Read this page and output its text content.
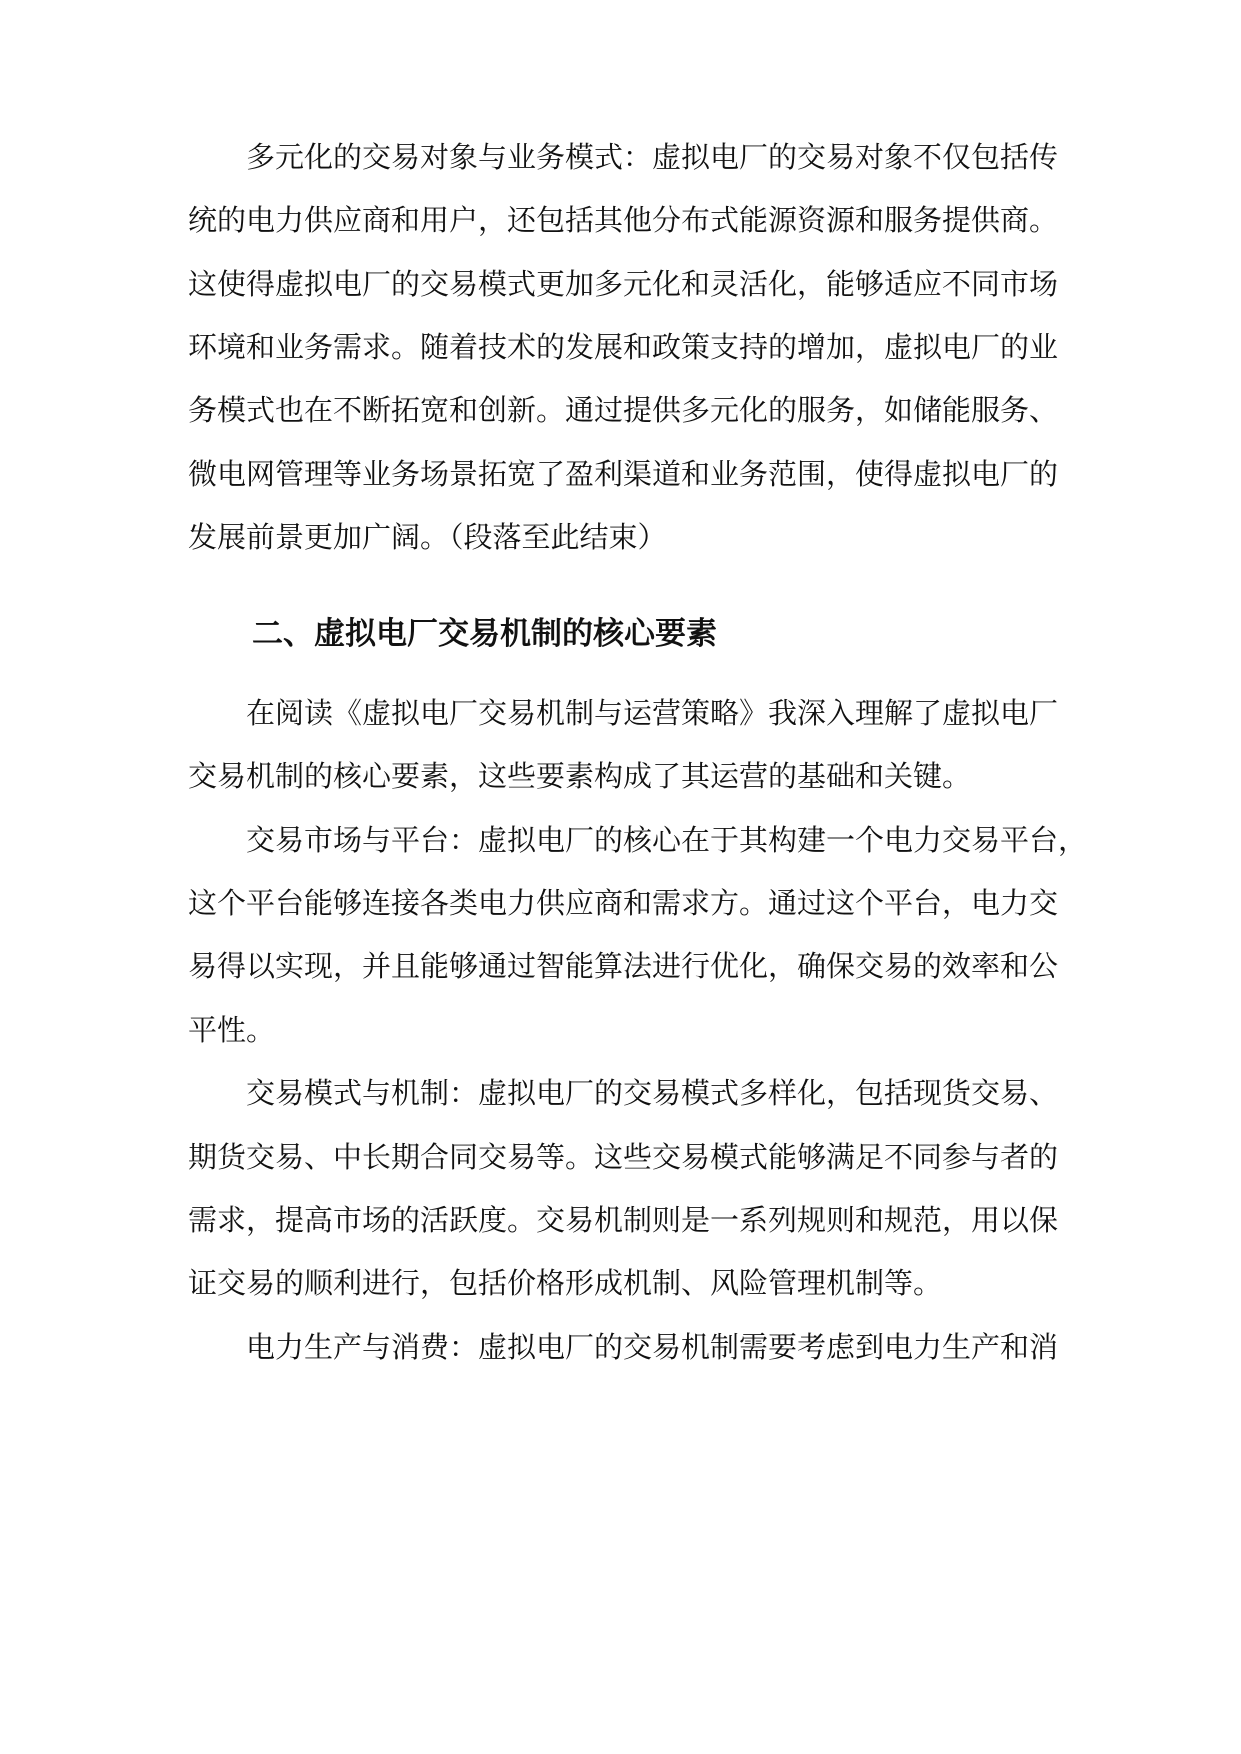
多元化的交易对象与业务模式：虚拟电厂的交易对象不仅包括传

统的电力供应商和用户，还包括其他分布式能源资源和服务提供商。

这使得虚拟电厂的交易模式更加多元化和灵活化，能够适应不同市场

环境和业务需求。随着技术的发展和政策支持的增加，虚拟电厂的业

务模式也在不断拓宽和创新。通过提供多元化的服务，如储能服务、

微电网管理等业务场景拓宽了盈利渠道和业务范围，使得虚拟电厂的

发展前景更加广阔。（段落至此结束）

二、虚拟电厂交易机制的核心要素

在阅读《虚拟电厂交易机制与运营策略》我深入理解了虚拟电厂

交易机制的核心要素，这些要素构成了其运营的基础和关键。

交易市场与平台：虚拟电厂的核心在于其构建一个电力交易平台，

这个平台能够连接各类电力供应商和需求方。通过这个平台，电力交

易得以实现，并且能够通过智能算法进行优化，确保交易的效率和公

平性。

交易模式与机制：虚拟电厂的交易模式多样化，包括现货交易、

期货交易、中长期合同交易等。这些交易模式能够满足不同参与者的

需求，提高市场的活跃度。交易机制则是一系列规则和规范，用以保

证交易的顺利进行，包括价格形成机制、风险管理机制等。

电力生产与消费：虚拟电厂的交易机制需要考虑到电力生产和消
